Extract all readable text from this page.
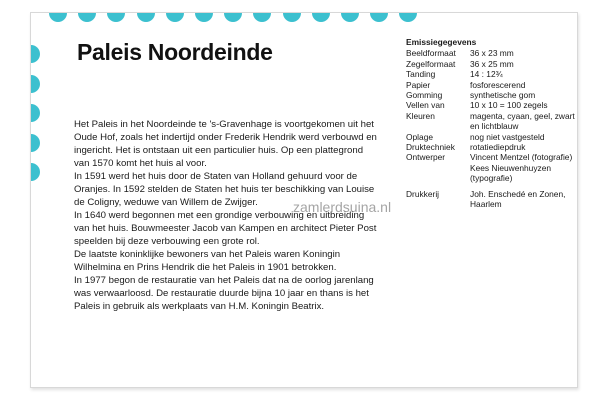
Paleis Noordeinde

Het Paleis in het Noordeinde te 's-Gravenhage is voortgekomen uit het Oude Hof, zoals het indertijd onder Frederik Hendrik werd verbouwd en ingericht. Het is ontstaan uit een particulier huis. Op een plattegrond van 1570 komt het huis al voor.

In 1591 werd het huis door de Staten van Holland gehuurd voor de Oranjes. In 1592 stelden de Staten het huis ter beschikking van Louise de Coligny, weduwe van Willem de Zwijger.

In 1640 werd begonnen met een grondige verbouwing en uitbreiding van het huis. Bouwmeester Jacob van Kampen en architect Pieter Post speelden bij deze verbouwing een grote rol.

De laatste koninklijke bewoners van het Paleis waren Koningin Wilhelmina en Prins Hendrik die het Paleis in 1901 betrokken.

In 1977 begon de restauratie van het Paleis dat na de oorlog jarenlang was verwaarloosd. De restauratie duurde bijna 10 jaar en thans is het Paleis in gebruik als werkplaats van H.M. Koningin Beatrix.

Emissiegegevens
Beeldformaat	36 x 23 mm
Zegelformaat	36 x 25 mm
Tanding	14 : 12¾
Papier	fosforescerend
Gomming	synthetische gom
Vellen van	10 x 10 = 100 zegels
Kleuren	magenta, cyaan, geel, zwart en lichtblauw
Oplage	nog niet vastgesteld
Druktechniek	rotatiediepdruk
Ontwerper	Vincent Mentzel (fotografie) Kees Nieuwenhuyzen (typografie)
Drukkerij	Joh. Enschedé en Zonen, Haarlem
zamlerdsuina.nl
